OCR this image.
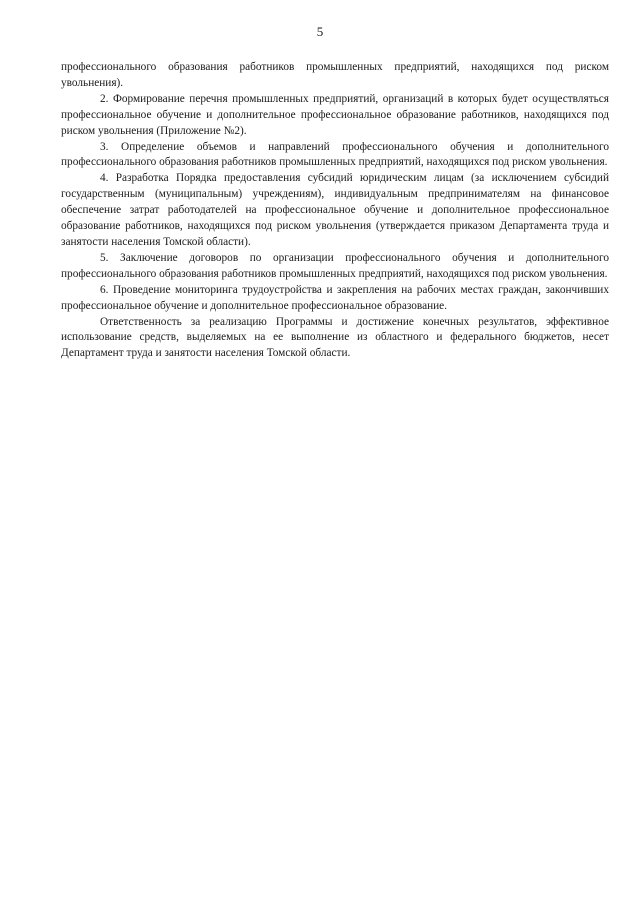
5

профессионального образования работников промышленных предприятий, находящихся под риском увольнения).

2. Формирование перечня промышленных предприятий, организаций в которых будет осуществляться профессиональное обучение и дополнительное профессиональное образование работников, находящихся под риском увольнения (Приложение №2).

3. Определение объемов и направлений профессионального обучения и дополнительного профессионального образования работников промышленных предприятий, находящихся под риском увольнения.

4. Разработка Порядка предоставления субсидий юридическим лицам (за исключением субсидий государственным (муниципальным) учреждениям), индивидуальным предпринимателям на финансовое обеспечение затрат работодателей на профессиональное обучение и дополнительное профессиональное образование работников, находящихся под риском увольнения (утверждается приказом Департамента труда и занятости населения Томской области).

5. Заключение договоров по организации профессионального обучения и дополнительного профессионального образования работников промышленных предприятий, находящихся под риском увольнения.

6. Проведение мониторинга трудоустройства и закрепления на рабочих местах граждан, закончивших профессиональное обучение и дополнительное профессиональное образование.

Ответственность за реализацию Программы и достижение конечных результатов, эффективное использование средств, выделяемых на ее выполнение из областного и федерального бюджетов, несет Департамент труда и занятости населения Томской области.
